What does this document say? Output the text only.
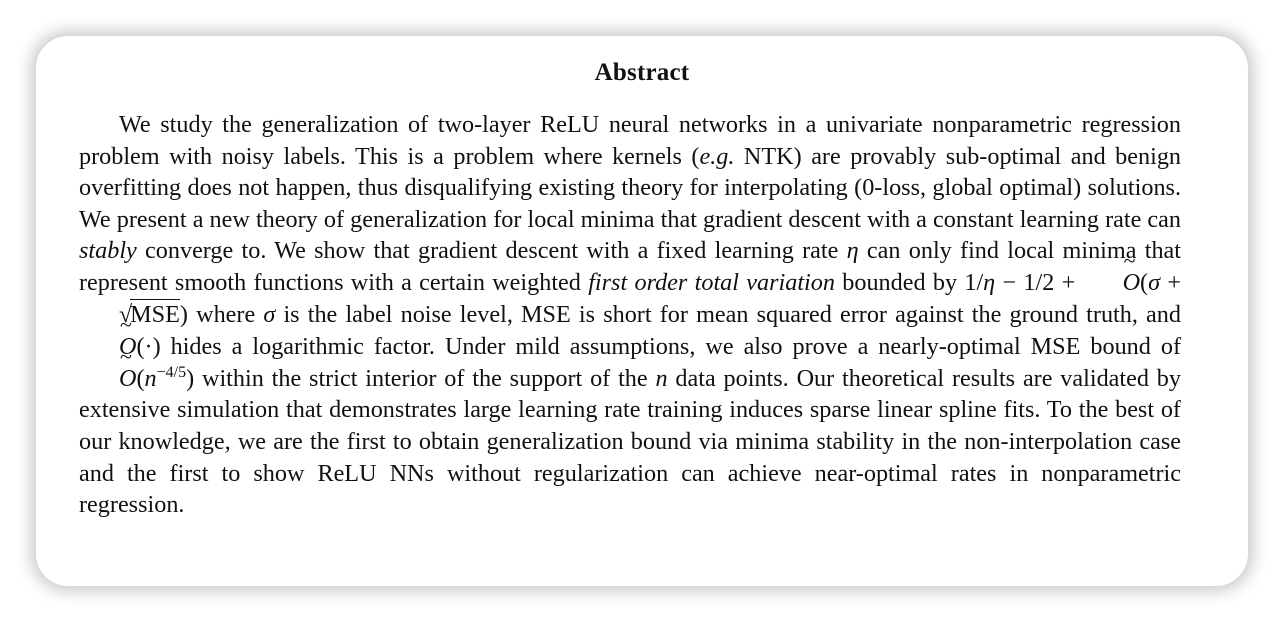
Abstract

We study the generalization of two-layer ReLU neural networks in a univariate nonparametric regression problem with noisy labels. This is a problem where kernels (e.g. NTK) are provably sub-optimal and benign overfitting does not happen, thus disqualifying existing theory for interpolating (0-loss, global optimal) solutions. We present a new theory of generalization for local minima that gradient descent with a constant learning rate can stably converge to. We show that gradient descent with a fixed learning rate η can only find local minima that represent smooth functions with a certain weighted first order total variation bounded by 1/η − 1/2 + ~ O(σ + √MSE) where σ is the label noise level, MSE is short for mean squared error against the ground truth, and ~ O(·) hides a logarithmic factor. Under mild assumptions, we also prove a nearly-optimal MSE bound of ~ $O(n^{-4/5})$ within the strict interior of the support of the n data points. Our theoretical results are validated by extensive simulation that demonstrates large learning rate training induces sparse linear spline fits. To the best of our knowledge, we are the first to obtain generalization bound via minima stability in the non-interpolation case and the first to show ReLU NNs without regularization can achieve near-optimal rates in nonparametric regression.
